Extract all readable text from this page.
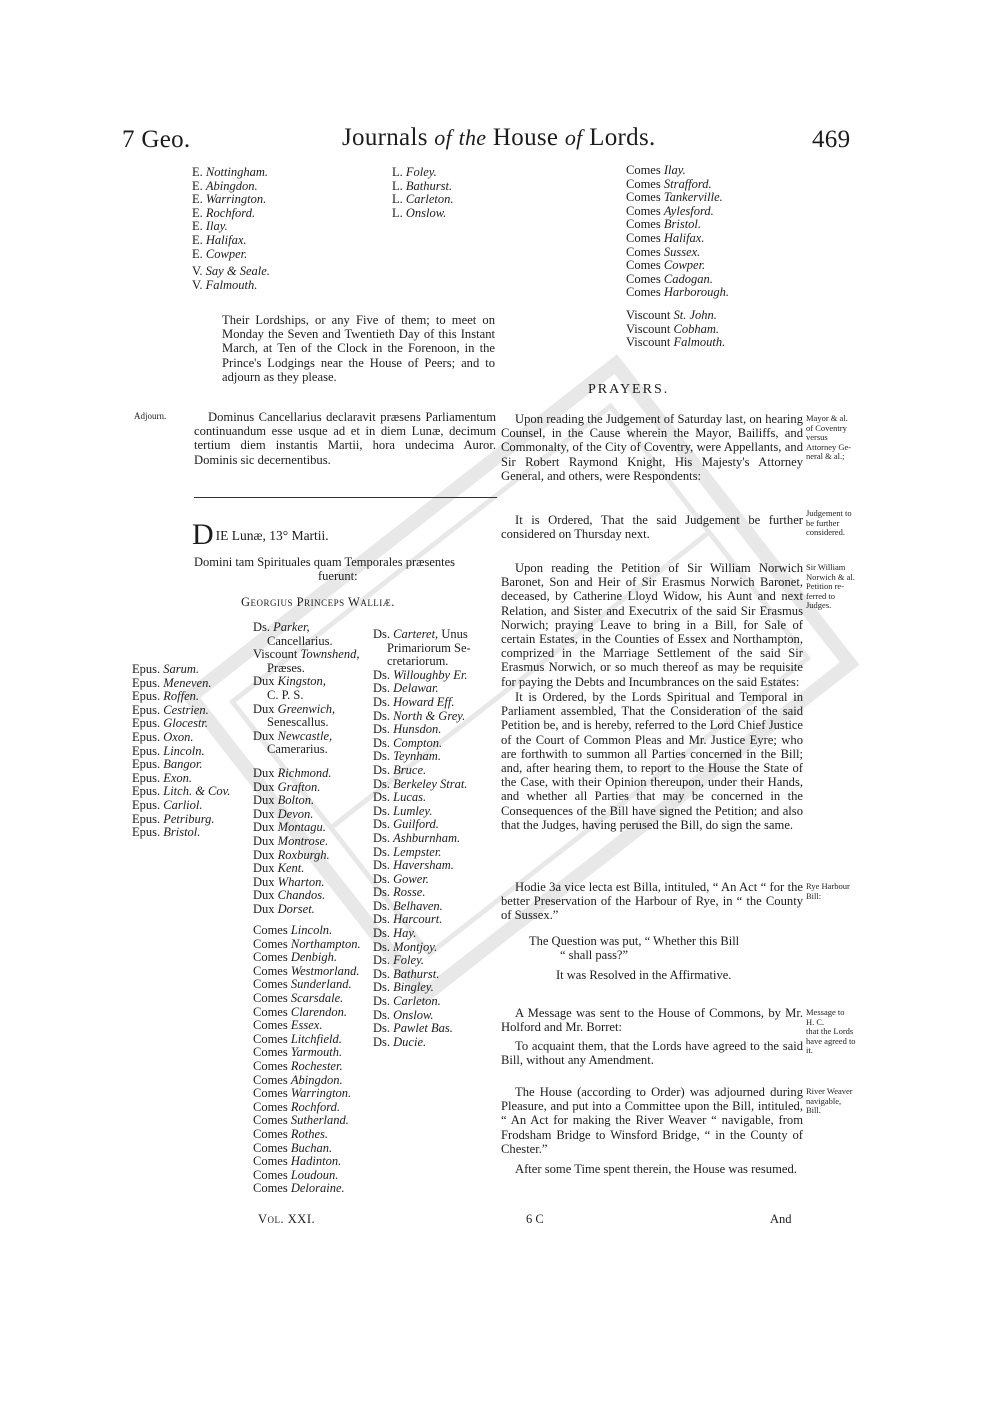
7 Geo.	Journals of the House of Lords.	469
E. Nottingham.
E. Abingdon.
E. Warrington.
E. Rochford.
E. Ilay.
E. Halifax.
E. Cowper.
V. Say & Seale.
V. Falmouth.
L. Foley.
L. Bathurst.
L. Carleton.
L. Onslow.

Their Lordships, or any Five of them; to meet on Monday the Seven and Twentieth Day of this Instant March, at Ten of the Clock in the Forenoon, in the Prince's Lodgings near the House of Peers; and to adjourn as they please.

Adjourn.	Dominus Cancellarius declaravit præsens Parliamentum continuandum esse usque ad et in diem Lunæ, decimum tertium diem instantis Martii, hora undecima Auror. Dominis sic decernentibus.
D IE Lunæ, 13° Martii.
Domini tam Spirituales quam Temporales præsentes
fuerunt:
Georgius Princeps Walliæ.
Epus. Sarum.
Epus. Meneven.
Epus. Roffen.
Epus. Cestrien.
Epus. Glocestr.
Epus. Oxon.
Epus. Lincoln.
Epus. Bangor.
Epus. Exon.
Epus. Litch. & Cov.
Epus. Carliol.
Epus. Petriburg.
Epus. Bristol.
Ds. Parker,
Cancellarius.
Viscount Townshend,
Præses.
Dux Kingston,
C. P. S.
Dux Greenwich,
Senescallus.
Dux Newcastle,
Camerarius.
Dux Richmond.
Dux Grafton.
Dux Bolton.
Dux Devon.
Dux Montagu.
Dux Montrose.
Dux Roxburgh.
Dux Kent.
Dux Wharton.
Dux Chandos.
Dux Dorset.
Comes Lincoln.
Comes Northampton.
Comes Denbigh.
Comes Westmorland.
Comes Sunderland.
Comes Scarsdale.
Comes Clarendon.
Comes Essex.
Comes Litchfield.
Comes Yarmouth.
Comes Rochester.
Comes Abingdon.
Comes Warrington.
Comes Rochford.
Comes Sutherland.
Comes Rothes.
Comes Buchan.
Comes Hadinton.
Comes Loudoun.
Comes Deloraine.
Ds. Carteret, Unus
Primariorum Se-
cretariorum.
Ds. Willoughby Er.
Ds. Delawar.
Ds. Howard Eff.
Ds. North & Grey.
Ds. Hunsdon.
Ds. Compton.
Ds. Teynham.
Ds. Bruce.
Ds. Berkeley Strat.
Ds. Lucas.
Ds. Lumley.
Ds. Guilford.
Ds. Ashburnham.
Ds. Lempster.
Ds. Haversham.
Ds. Gower.
Ds. Rosse.
Ds. Belhaven.
Ds. Harcourt.
Ds. Hay.
Ds. Montjoy.
Ds. Foley.
Ds. Bathurst.
Ds. Bingley.
Ds. Carleton.
Ds. Onslow.
Ds. Pawlet Bas.
Ds. Ducie.
Comes Ilay.
Comes Strafford.
Comes Tankerville.
Comes Aylesford.
Comes Bristol.
Comes Halifax.
Comes Sussex.
Comes Cowper.
Comes Cadogan.
Comes Harborough.
Viscount St. John.
Viscount Cobham.
Viscount Falmouth.
PRAYERS.
Upon reading the Judgement of Saturday last, on hearing Counsel, in the Cause wherein the Mayor, Bailiffs, and Commonalty, of the City of Coventry, were Appellants, and Sir Robert Raymond Knight, His Majesty's Attorney General, and others, were Respondents:
Mayor & al.
of Coventry
versus
Attorney Ge-
neral & al.;
It is Ordered, That the said Judgement be further considered on Thursday next.
Judgement to
be further
considered.
Upon reading the Petition of Sir William Norwich Baronet, Son and Heir of Sir Erasmus Norwich Baronet, deceased, by Catherine Lloyd Widow, his Aunt and next Relation, and Sister and Executrix of the said Sir Erasmus Norwich; praying Leave to bring in a Bill, for Sale of certain Estates, in the Counties of Essex and Northampton, comprized in the Marriage Settlement of the said Sir Erasmus Norwich, or so much thereof as may be requisite for paying the Debts and Incumbrances on the said Estates:
Sir William
Norwich & al.
Petition re-
ferred to
Judges.
It is Ordered, by the Lords Spiritual and Temporal in Parliament assembled, That the Consideration of the said Petition be, and is hereby, referred to the Lord Chief Justice of the Court of Common Pleas and Mr. Justice Eyre; who are forthwith to summon all Parties concerned in the Bill; and, after hearing them, to report to the House the State of the Case, with their Opinion thereupon, under their Hands, and whether all Parties that may be concerned in the Consequences of the Bill have signed the Petition; and also that the Judges, having perused the Bill, do sign the same.
Hodie 3a vice lecta est Billa, intituled, “ An Act “ for the better Preservation of the Harbour of Rye, in “ the County of Sussex.”
Rye Harbour
Bill:
The Question was put, “ Whether this Bill
“ shall pass?”
It was Resolved in the Affirmative.
A Message was sent to the House of Commons, by Mr. Holford and Mr. Borret:
Message to
H. C.
that the Lords
have agreed to
it.
To acquaint them, that the Lords have agreed to the said Bill, without any Amendment.
The House (according to Order) was adjourned during Pleasure, and put into a Committee upon the Bill, intituled, “ An Act for making the River Weaver “ navigable, from Frodsham Bridge to Winsford Bridge, “ in the County of Chester.”
River Weaver
navigable,
Bill.
After some Time spent therein, the House was resumed.
Vol. XXI.	6 C	And
